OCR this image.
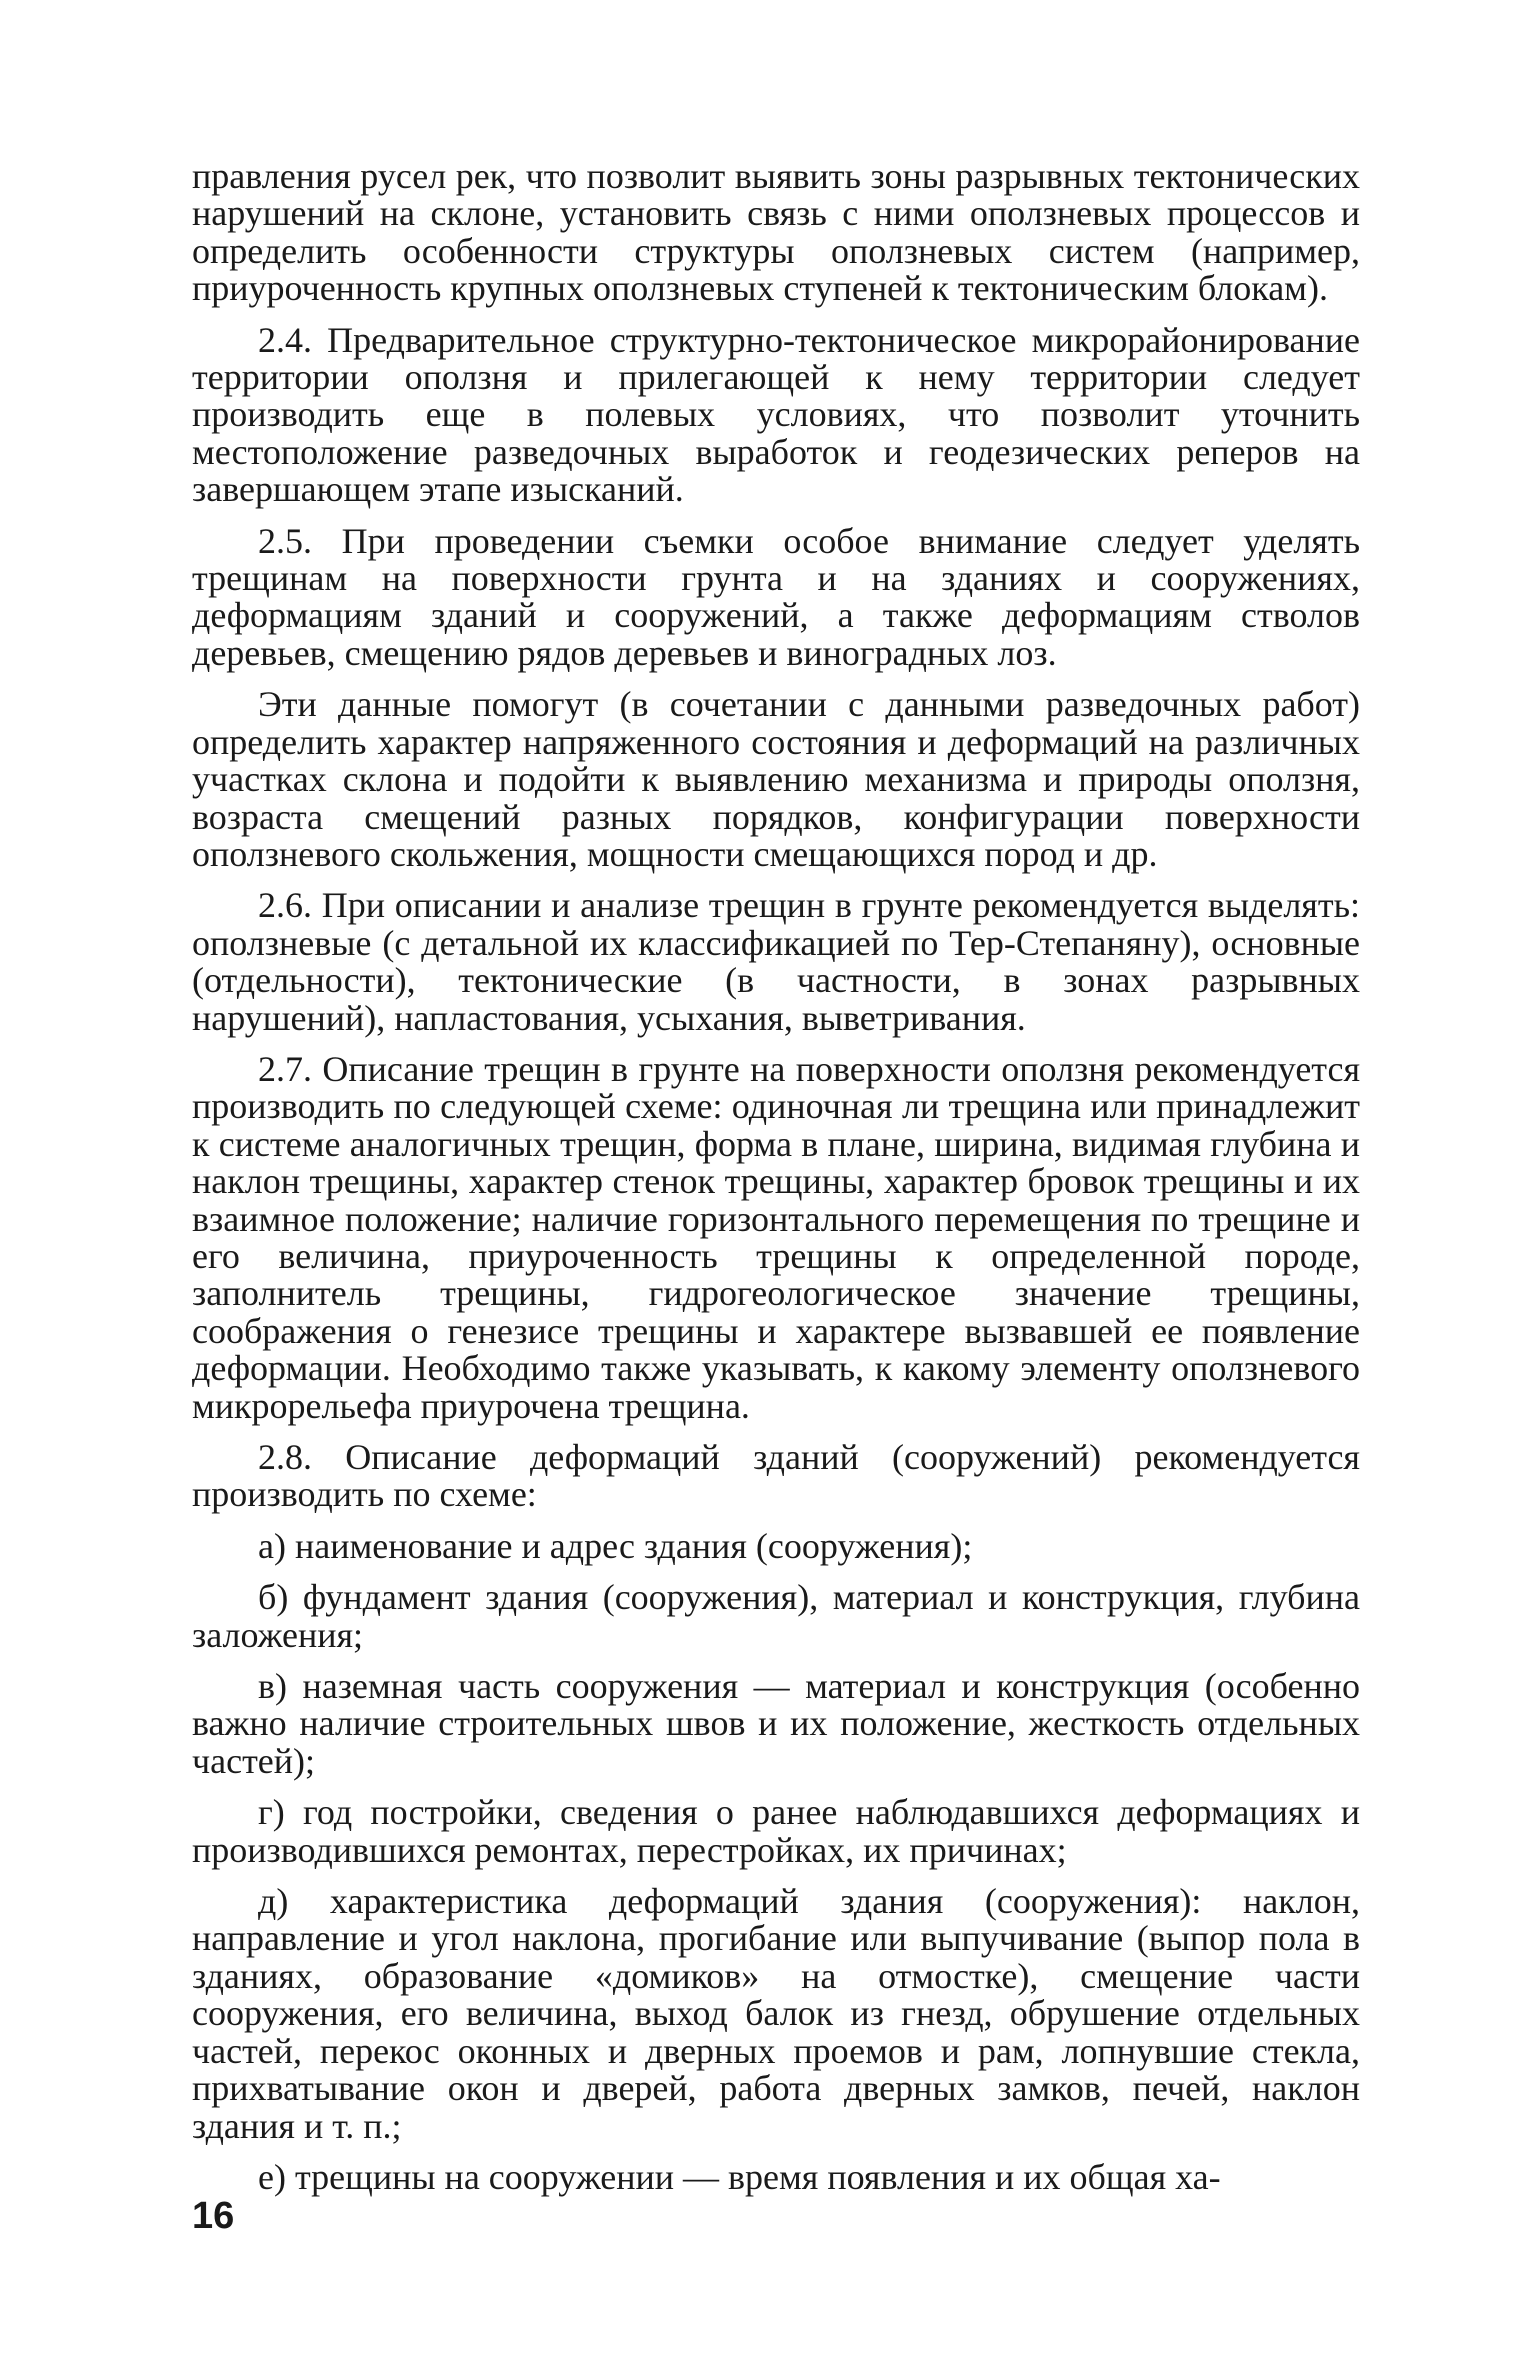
правления русел рек, что позволит выявить зоны разрывных тектонических нарушений на склоне, установить связь с ними оползневых процессов и определить особенности структуры оползневых систем (например, приуроченность крупных оползневых ступеней к тектоническим блокам).

2.4. Предварительное структурно-тектоническое микрорайонирование территории оползня и прилегающей к нему территории следует производить еще в полевых условиях, что позволит уточнить местоположение разведочных выработок и геодезических реперов на завершающем этапе изысканий.

2.5. При проведении съемки особое внимание следует уделять трещинам на поверхности грунта и на зданиях и сооружениях, деформациям зданий и сооружений, а также деформациям стволов деревьев, смещению рядов деревьев и виноградных лоз.

Эти данные помогут (в сочетании с данными разведочных работ) определить характер напряженного состояния и деформаций на различных участках склона и подойти к выявлению механизма и природы оползня, возраста смещений разных порядков, конфигурации поверхности оползневого скольжения, мощности смещающихся пород и др.

2.6. При описании и анализе трещин в грунте рекомендуется выделять: оползневые (с детальной их классификацией по Тер-Степаняну), основные (отдельности), тектонические (в частности, в зонах разрывных нарушений), напластования, усыхания, выветривания.

2.7. Описание трещин в грунте на поверхности оползня рекомендуется производить по следующей схеме: одиночная ли трещина или принадлежит к системе аналогичных трещин, форма в плане, ширина, видимая глубина и наклон трещины, характер стенок трещины, характер бровок трещины и их взаимное положение; наличие горизонтального перемещения по трещине и его величина, приуроченность трещины к определенной породе, заполнитель трещины, гидрогеологическое значение трещины, соображения о генезисе трещины и характере вызвавшей ее появление деформации. Необходимо также указывать, к какому элементу оползневого микрорельефа приурочена трещина.

2.8. Описание деформаций зданий (сооружений) рекомендуется производить по схеме:

а) наименование и адрес здания (сооружения);

б) фундамент здания (сооружения), материал и конструкция, глубина заложения;

в) наземная часть сооружения — материал и конструкция (особенно важно наличие строительных швов и их положение, жесткость отдельных частей);

г) год постройки, сведения о ранее наблюдавшихся деформациях и производившихся ремонтах, перестройках, их причинах;

д) характеристика деформаций здания (сооружения): наклон, направление и угол наклона, прогибание или выпучивание (выпор пола в зданиях, образование «домиков» на отмостке), смещение части сооружения, его величина, выход балок из гнезд, обрушение отдельных частей, перекос оконных и дверных проемов и рам, лопнувшие стекла, прихватывание окон и дверей, работа дверных замков, печей, наклон здания и т. п.;

е) трещины на сооружении — время появления и их общая ха-

16
